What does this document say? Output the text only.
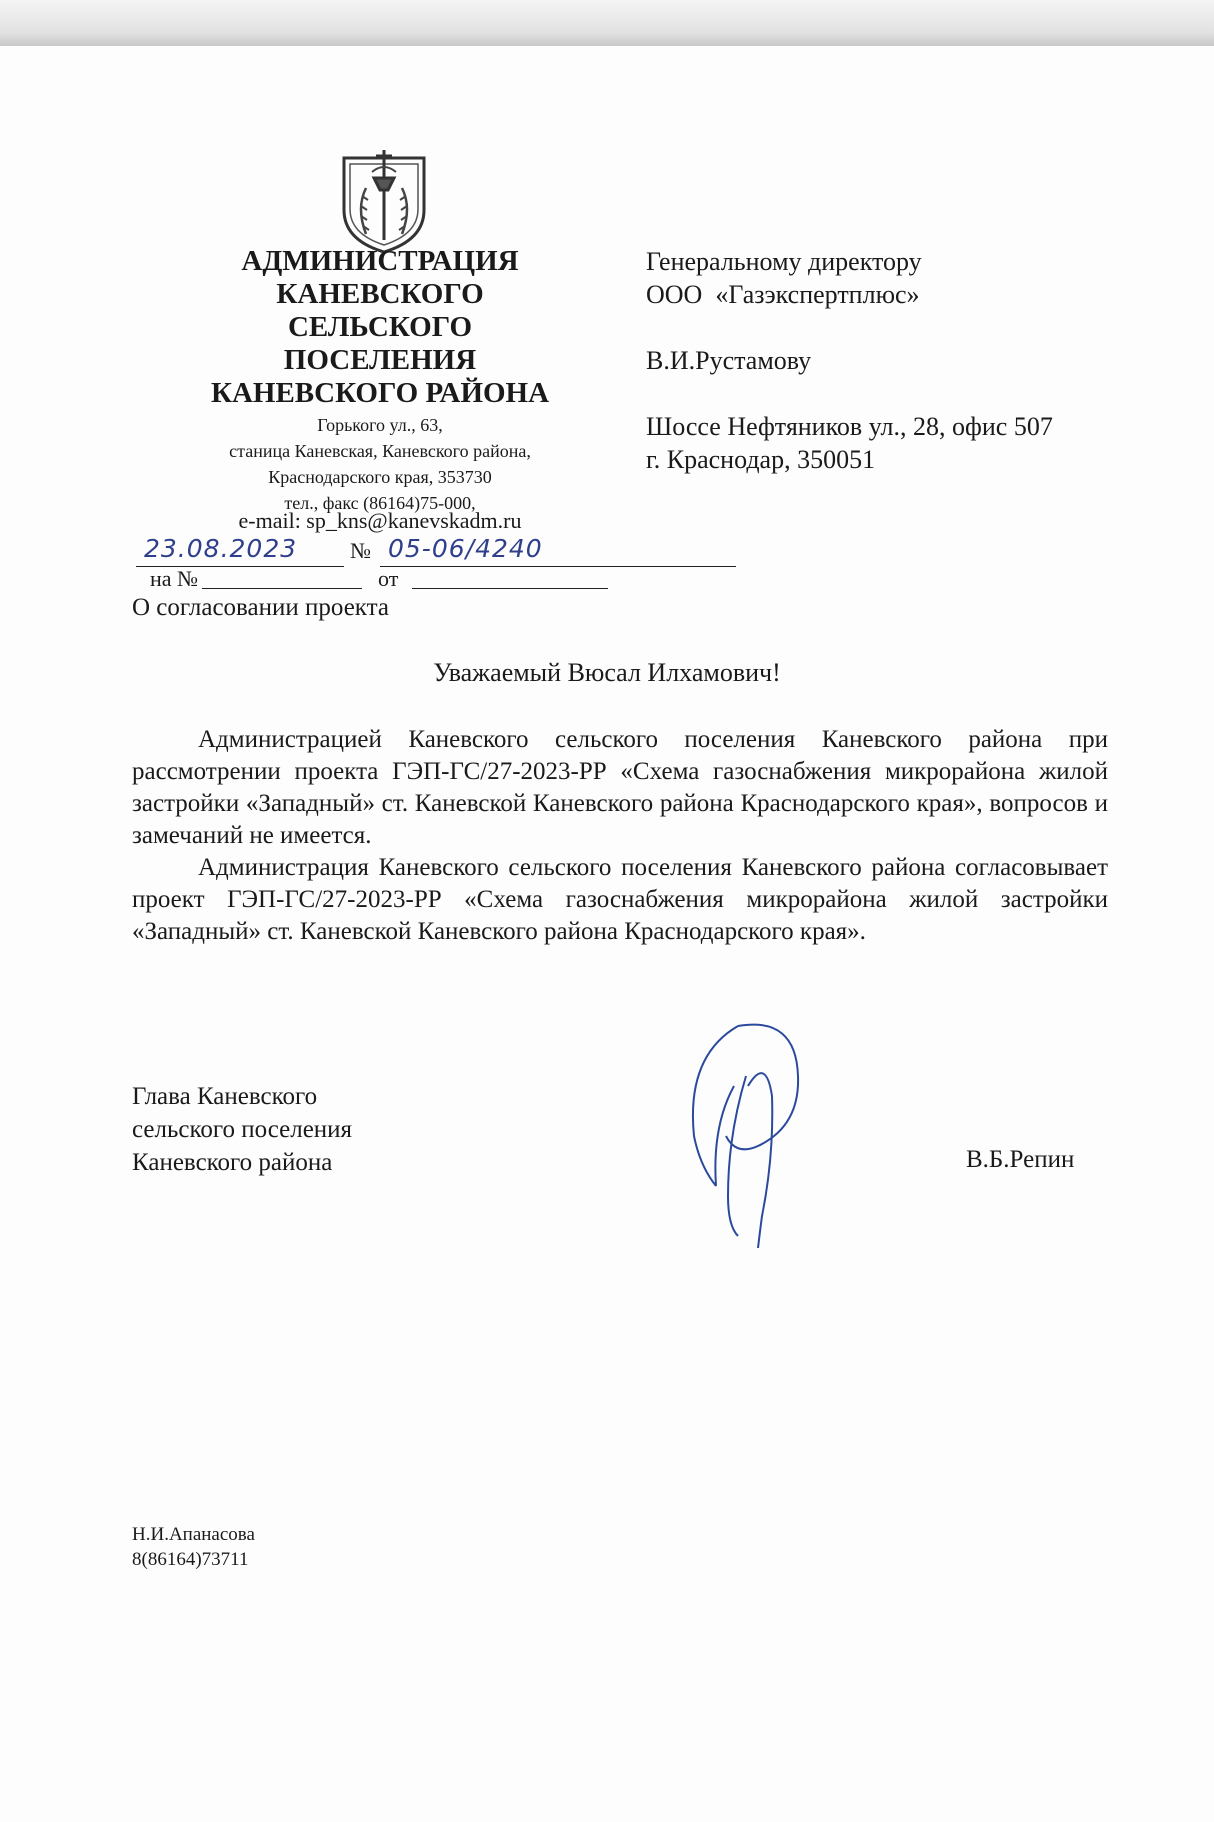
АДМИНИСТРАЦИЯ
КАНЕВСКОГО
СЕЛЬСКОГО
ПОСЕЛЕНИЯ
КАНЕВСКОГО РАЙОНА
Горького ул., 63,
станица Каневская, Каневского района,
Краснодарского края, 353730
тел., факс (86164)75-000,
e-mail: sp_kns@kanevskadm.ru
23.08.2023 № 05-06/4240
на №	от
О согласовании проекта
Генеральному директору
ООО  «Газэкспертплюс»
В.И.Рустамову
Шоссе Нефтяников ул., 28, офис 507
г. Краснодар, 350051
Уважаемый Вюсал Илхамович!

Администрацией Каневского сельского поселения Каневского района при рассмотрении проекта ГЭП-ГС/27-2023-РР «Схема газоснабжения микрорайона жилой застройки «Западный» ст. Каневской Каневского района Краснодарского края», вопросов и замечаний не имеется.

Администрация Каневского сельского поселения Каневского района согласовывает проект ГЭП-ГС/27-2023-РР «Схема газоснабжения микрорайона жилой застройки «Западный» ст. Каневской Каневского района Краснодарского края».

Глава Каневского
сельского поселения
Каневского района	В.Б.Репин
Н.И.Апанасова
8(86164)73711
